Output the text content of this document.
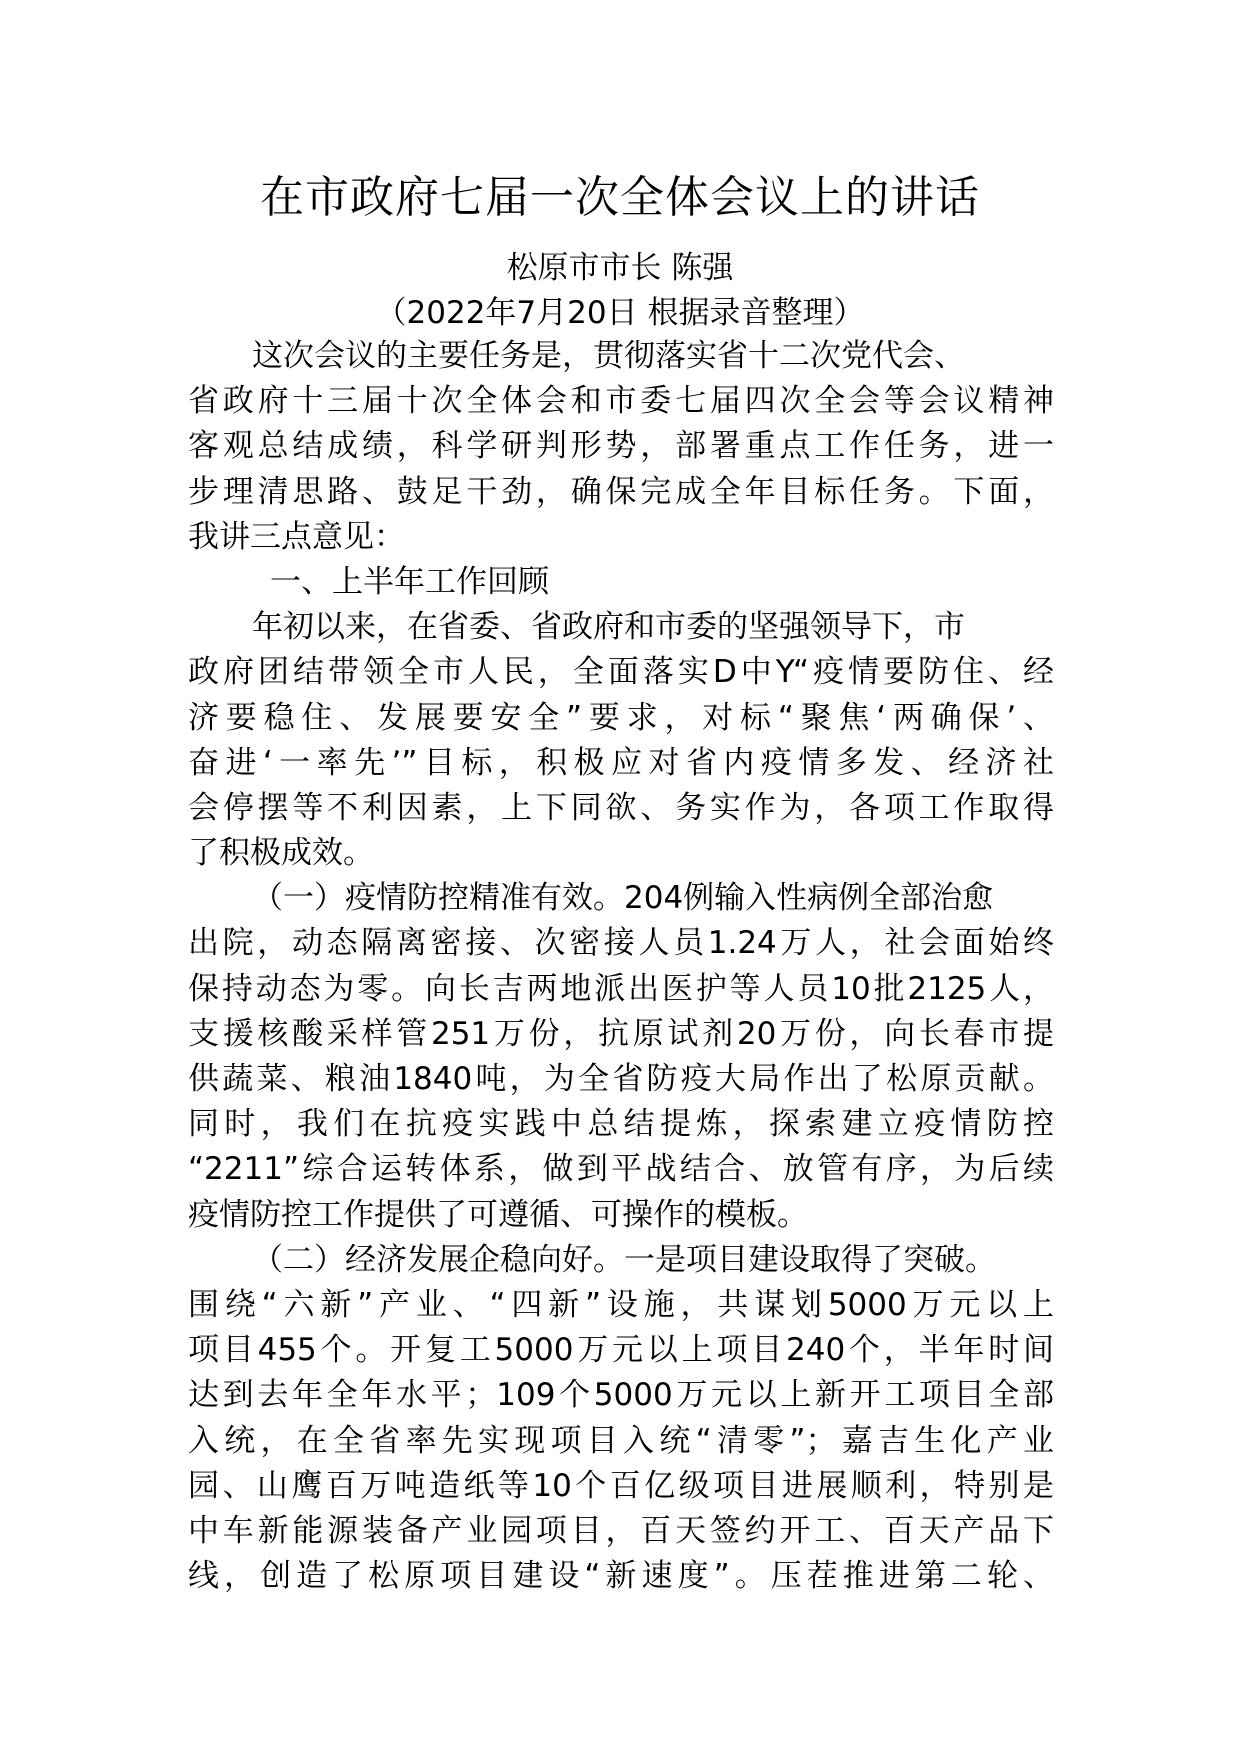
在市政府七届一次全体会议上的讲话
松原市市长 陈强
（2022年7月20日 根据录音整理）
这次会议的主要任务是，贯彻落实省十二次党代会、
省政府十三届十次全体会和市委七届四次全会等会议精神
客观总结成绩，科学研判形势，部署重点工作任务，进一
步理清思路、鼓足干劲，确保完成全年目标任务。下面，
我讲三点意见：
一、上半年工作回顾
年初以来，在省委、省政府和市委的坚强领导下，市
政府团结带领全市人民，全面落实D中Y“疫情要防住、经
济要稳住、发展要安全”要求，对标“聚焦‘两确保’、
奋进‘一率先’”目标，积极应对省内疫情多发、经济社
会停摆等不利因素，上下同欲、务实作为，各项工作取得
了积极成效。
（一）疫情防控精准有效。204例输入性病例全部治愈
出院，动态隔离密接、次密接人员1.24万人，社会面始终
保持动态为零。向长吉两地派出医护等人员10批2125人，
支援核酸采样管251万份，抗原试剂20万份，向长春市提
供蔬菜、粮油1840吨，为全省防疫大局作出了松原贡献。
同时，我们在抗疫实践中总结提炼，探索建立疫情防控
“2211”综合运转体系，做到平战结合、放管有序，为后续
疫情防控工作提供了可遵循、可操作的模板。
（二）经济发展企稳向好。一是项目建设取得了突破。
围绕“六新”产业、“四新”设施，共谋划5000万元以上
项目455个。开复工5000万元以上项目240个，半年时间
达到去年全年水平；109个5000万元以上新开工项目全部
入统，在全省率先实现项目入统“清零”；嘉吉生化产业
园、山鹰百万吨造纸等10个百亿级项目进展顺利，特别是
中车新能源装备产业园项目，百天签约开工、百天产品下
线，创造了松原项目建设“新速度”。压茬推进第二轮、
